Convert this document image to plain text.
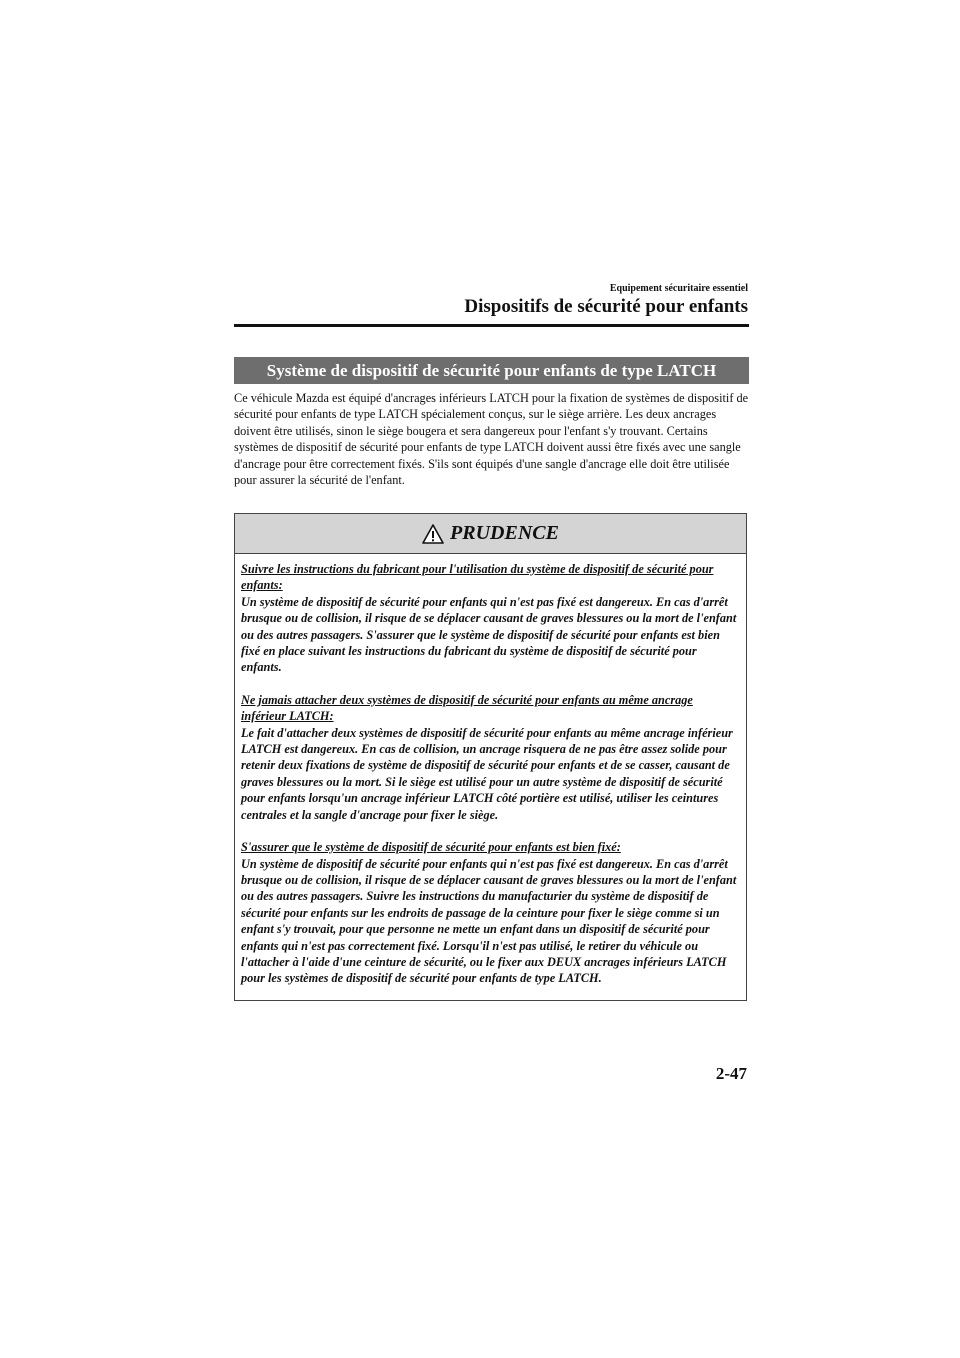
Equipement sécuritaire essentiel
Dispositifs de sécurité pour enfants
Système de dispositif de sécurité pour enfants de type LATCH

Ce véhicule Mazda est équipé d'ancrages inférieurs LATCH pour la fixation de systèmes de dispositif de sécurité pour enfants de type LATCH spécialement conçus, sur le siège arrière. Les deux ancrages doivent être utilisés, sinon le siège bougera et sera dangereux pour l'enfant s'y trouvant. Certains systèmes de dispositif de sécurité pour enfants de type LATCH doivent aussi être fixés avec une sangle d'ancrage pour être correctement fixés. S'ils sont équipés d'une sangle d'ancrage elle doit être utilisée pour assurer la sécurité de l'enfant.

PRUDENCE
Suivre les instructions du fabricant pour l'utilisation du système de dispositif de sécurité pour enfants:
Un système de dispositif de sécurité pour enfants qui n'est pas fixé est dangereux. En cas d'arrêt brusque ou de collision, il risque de se déplacer causant de graves blessures ou la mort de l'enfant ou des autres passagers. S'assurer que le système de dispositif de sécurité pour enfants est bien fixé en place suivant les instructions du fabricant du système de dispositif de sécurité pour enfants.
Ne jamais attacher deux systèmes de dispositif de sécurité pour enfants au même ancrage inférieur LATCH:
Le fait d'attacher deux systèmes de dispositif de sécurité pour enfants au même ancrage inférieur LATCH est dangereux. En cas de collision, un ancrage risquera de ne pas être assez solide pour retenir deux fixations de système de dispositif de sécurité pour enfants et de se casser, causant de graves blessures ou la mort. Si le siège est utilisé pour un autre système de dispositif de sécurité pour enfants lorsqu'un ancrage inférieur LATCH côté portière est utilisé, utiliser les ceintures centrales et la sangle d'ancrage pour fixer le siège.
S'assurer que le système de dispositif de sécurité pour enfants est bien fixé:
Un système de dispositif de sécurité pour enfants qui n'est pas fixé est dangereux. En cas d'arrêt brusque ou de collision, il risque de se déplacer causant de graves blessures ou la mort de l'enfant ou des autres passagers. Suivre les instructions du manufacturier du système de dispositif de sécurité pour enfants sur les endroits de passage de la ceinture pour fixer le siège comme si un enfant s'y trouvait, pour que personne ne mette un enfant dans un dispositif de sécurité pour enfants qui n'est pas correctement fixé. Lorsqu'il n'est pas utilisé, le retirer du véhicule ou l'attacher à l'aide d'une ceinture de sécurité, ou le fixer aux DEUX ancrages inférieurs LATCH pour les systèmes de dispositif de sécurité pour enfants de type LATCH.
2-47
